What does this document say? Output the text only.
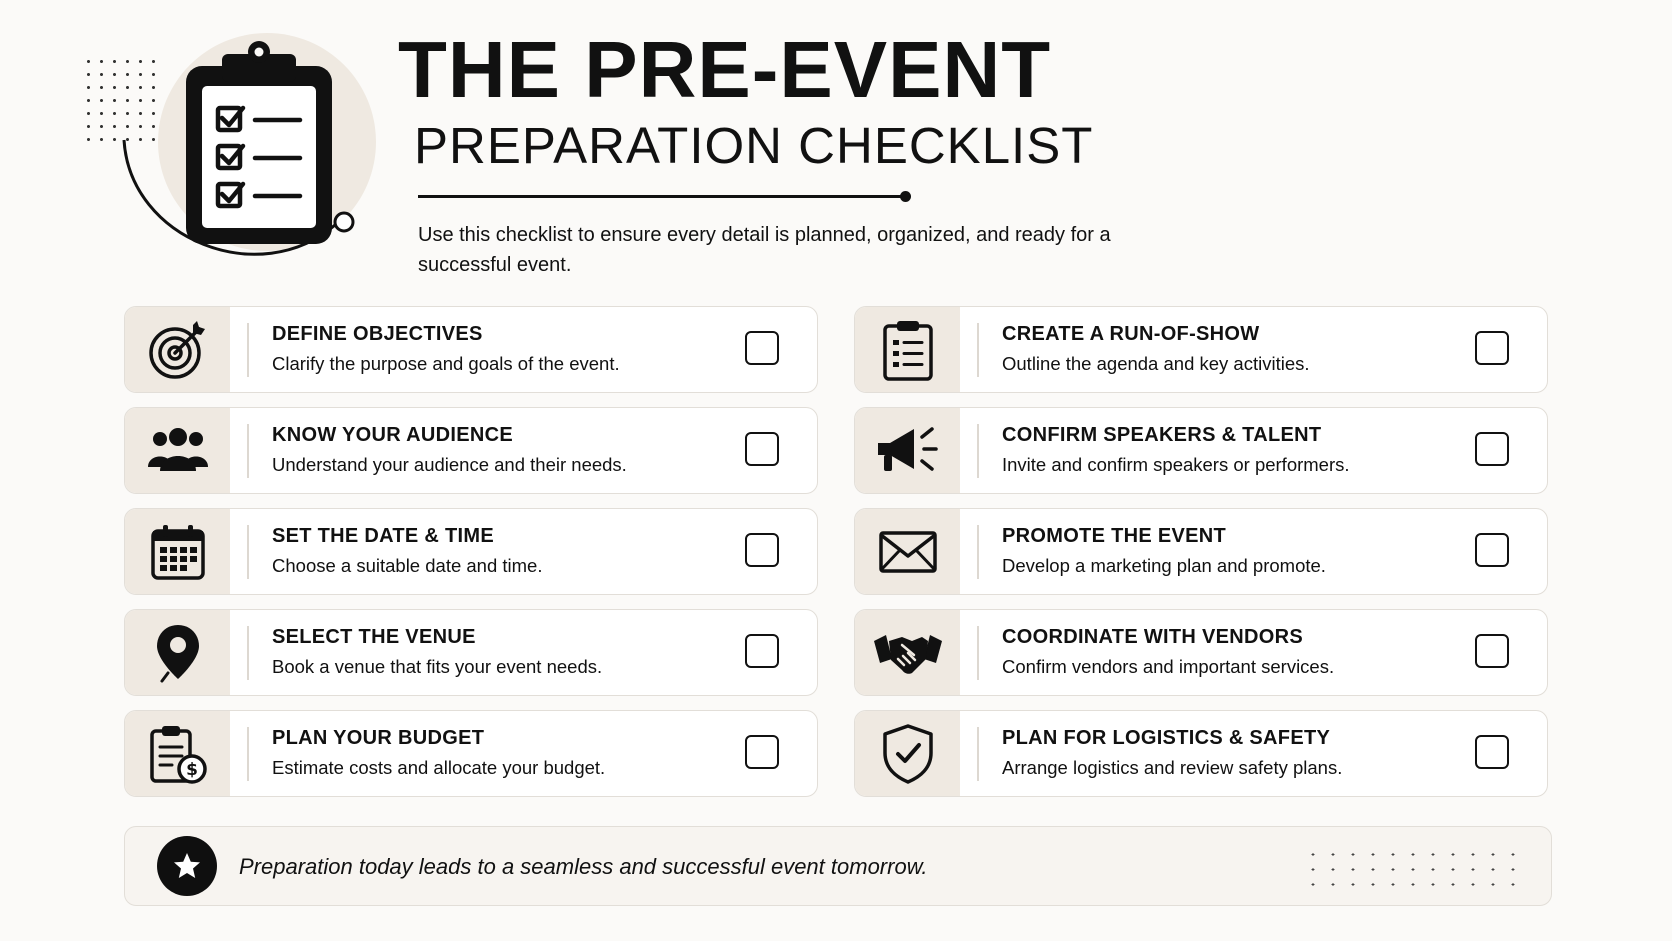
THE PRE-EVENT
PREPARATION CHECKLIST

Use this checklist to ensure every detail is planned, organized, and ready for a successful event.

DEFINE OBJECTIVES
Clarify the purpose and goals of the event.
KNOW YOUR AUDIENCE
Understand your audience and their needs.
SET THE DATE & TIME
Choose a suitable date and time.
SELECT THE VENUE
Book a venue that fits your event needs.
$
PLAN YOUR BUDGET
Estimate costs and allocate your budget.
CREATE A RUN-OF-SHOW
Outline the agenda and key activities.
CONFIRM SPEAKERS & TALENT
Invite and confirm speakers or performers.
PROMOTE THE EVENT
Develop a marketing plan and promote.
COORDINATE WITH VENDORS
Confirm vendors and important services.
PLAN FOR LOGISTICS & SAFETY
Arrange logistics and review safety plans.
Preparation today leads to a seamless and successful event tomorrow.
